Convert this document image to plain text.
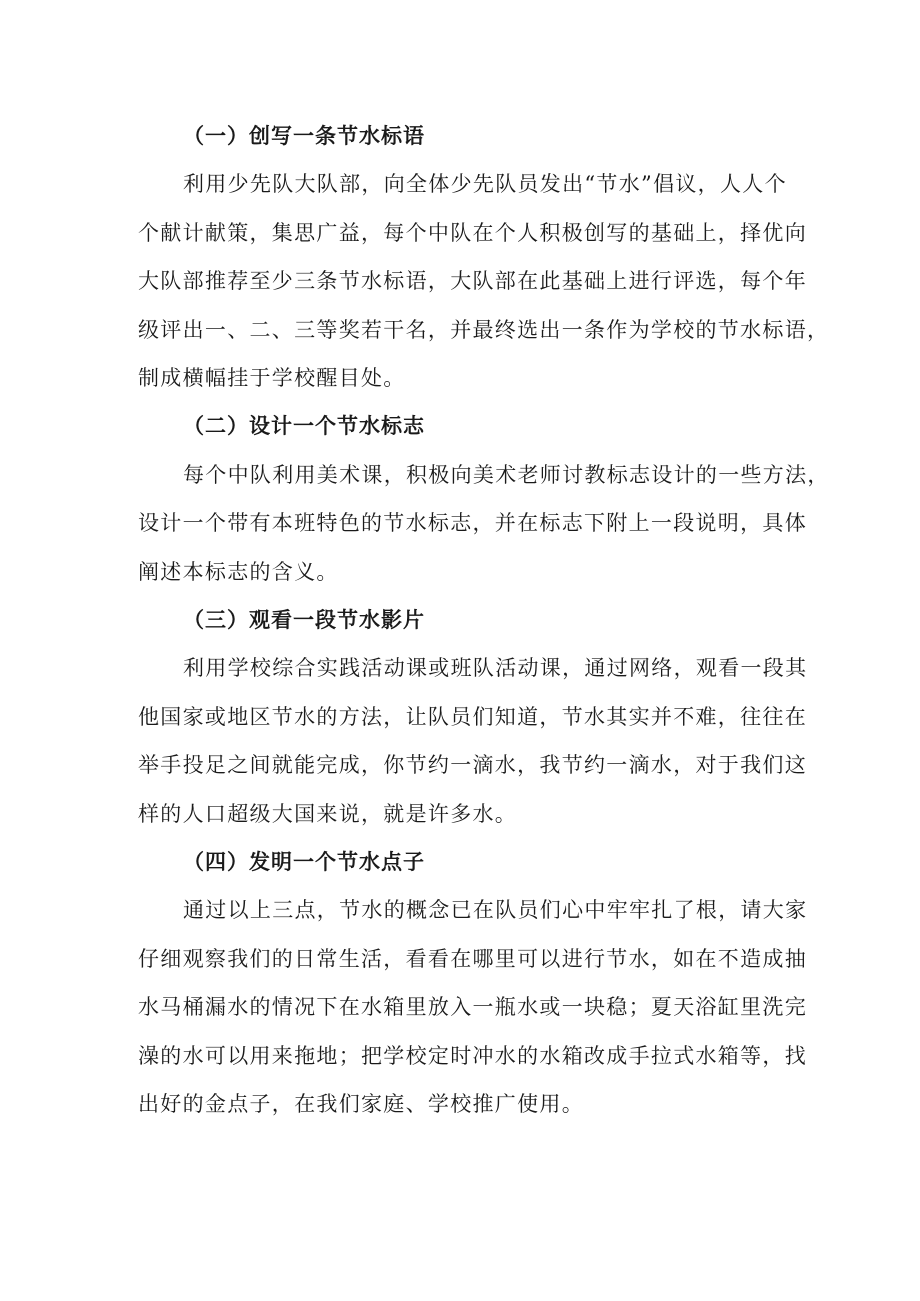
（一）创写一条节水标语
利用少先队大队部，向全体少先队员发出“节水”倡议，人人个
个献计献策，集思广益，每个中队在个人积极创写的基础上，择优向
大队部推荐至少三条节水标语，大队部在此基础上进行评选，每个年
级评出一、二、三等奖若干名，并最终选出一条作为学校的节水标语，
制成横幅挂于学校醒目处。
（二）设计一个节水标志
每个中队利用美术课，积极向美术老师讨教标志设计的一些方法，
设计一个带有本班特色的节水标志，并在标志下附上一段说明，具体
阐述本标志的含义。
（三）观看一段节水影片
利用学校综合实践活动课或班队活动课，通过网络，观看一段其
他国家或地区节水的方法，让队员们知道，节水其实并不难，往往在
举手投足之间就能完成，你节约一滴水，我节约一滴水，对于我们这
样的人口超级大国来说，就是许多水。
（四）发明一个节水点子
通过以上三点，节水的概念已在队员们心中牢牢扎了根，请大家
仔细观察我们的日常生活，看看在哪里可以进行节水，如在不造成抽
水马桶漏水的情况下在水箱里放入一瓶水或一块稳；夏天浴缸里洗完
澡的水可以用来拖地；把学校定时冲水的水箱改成手拉式水箱等，找
出好的金点子，在我们家庭、学校推广使用。
